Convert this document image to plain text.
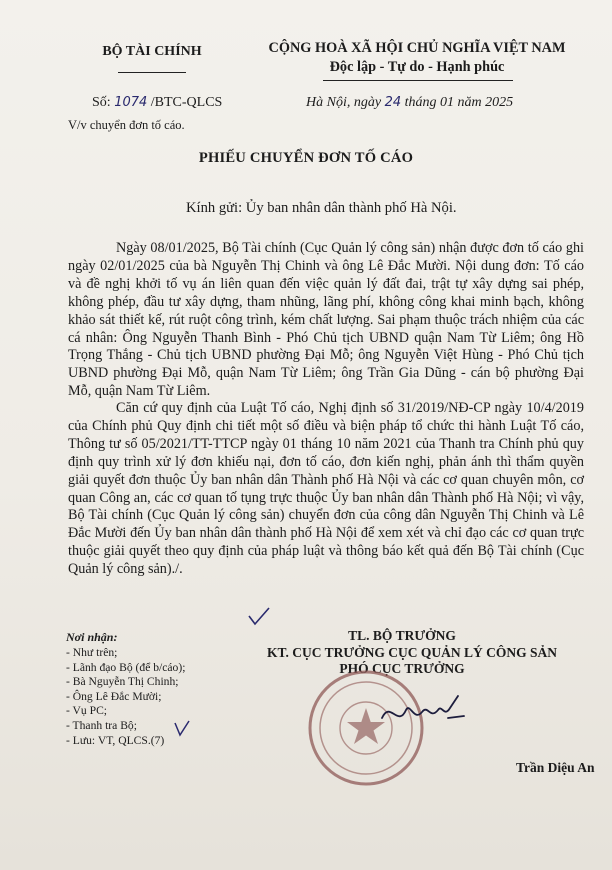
BỘ TÀI CHÍNH	CỘNG HOÀ XÃ HỘI CHỦ NGHĨA VIỆT NAM
Độc lập - Tự do - Hạnh phúc
Số: 1074 /BTC-QLCS
V/v chuyển đơn tố cáo.
Hà Nội, ngày 24 tháng 01 năm 2025
PHIẾU CHUYỂN ĐƠN TỐ CÁO
Kính gửi: Ủy ban nhân dân thành phố Hà Nội.
Ngày 08/01/2025, Bộ Tài chính (Cục Quản lý công sản) nhận được đơn tố cáo ghi ngày 02/01/2025 của bà Nguyễn Thị Chinh và ông Lê Đắc Mười. Nội dung đơn: Tố cáo và đề nghị khởi tố vụ án liên quan đến việc quản lý đất đai, trật tự xây dựng sai phép, không phép, đầu tư xây dựng, tham nhũng, lãng phí, không công khai minh bạch, không khảo sát thiết kế, rút ruột công trình, kém chất lượng. Sai phạm thuộc trách nhiệm của các cá nhân: Ông Nguyễn Thanh Bình - Phó Chủ tịch UBND quận Nam Từ Liêm; ông Hồ Trọng Thắng - Chủ tịch UBND phường Đại Mỗ; ông Nguyễn Việt Hùng - Phó Chủ tịch UBND phường Đại Mỗ, quận Nam Từ Liêm; ông Trần Gia Dũng - cán bộ phường Đại Mỗ, quận Nam Từ Liêm.
Căn cứ quy định của Luật Tố cáo, Nghị định số 31/2019/NĐ-CP ngày 10/4/2019 của Chính phủ Quy định chi tiết một số điều và biện pháp tổ chức thi hành Luật Tố cáo, Thông tư số 05/2021/TT-TTCP ngày 01 tháng 10 năm 2021 của Thanh tra Chính phủ quy định quy trình xử lý đơn khiếu nại, đơn tố cáo, đơn kiến nghị, phản ánh thì thẩm quyền giải quyết đơn thuộc Ủy ban nhân dân Thành phố Hà Nội và các cơ quan chuyên môn, cơ quan Công an, các cơ quan tố tụng trực thuộc Ủy ban nhân dân Thành phố Hà Nội; vì vậy, Bộ Tài chính (Cục Quản lý công sản) chuyển đơn của công dân Nguyễn Thị Chinh và Lê Đắc Mười đến Ủy ban nhân dân thành phố Hà Nội để xem xét và chỉ đạo các cơ quan trực thuộc giải quyết theo quy định của pháp luật và thông báo kết quả đến Bộ Tài chính (Cục Quản lý công sản)./.
Nơi nhận:
- Như trên;
- Lãnh đạo Bộ (để b/cáo);
- Bà Nguyễn Thị Chinh;
- Ông Lê Đắc Mười;
- Vụ PC;
- Thanh tra Bộ;
- Lưu: VT, QLCS.(7)
TL. BỘ TRƯỞNG
KT. CỤC TRƯỞNG CỤC QUẢN LÝ CÔNG SẢN
PHÓ CỤC TRƯỞNG
Trần Diệu An
